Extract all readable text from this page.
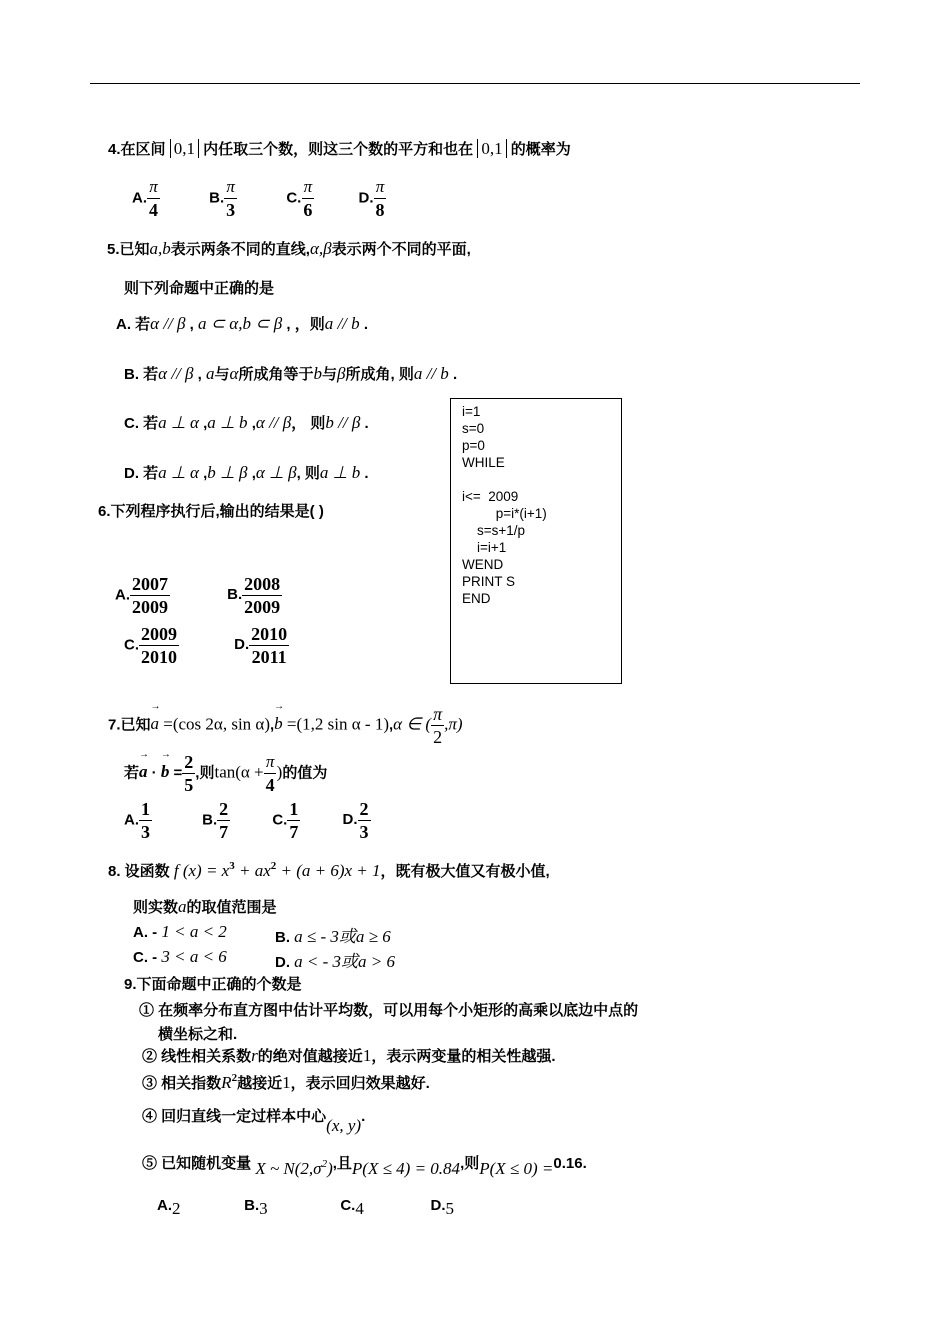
4.在区间 0,1 内任取三个数，则这三个数的平方和也在 0,1 的概率为
A. $\frac{\pi}{4}$	B. $\frac{\pi}{3}$	C. $\frac{\pi}{6}$	D. $\frac{\pi}{8}$
5.已知a,b表示两条不同的直线,α,β表示两个不同的平面,
则下列命题中正确的是
A. 若α // β , a ⊂ α,b ⊂ β , ，则a // b .
B. 若α // β , a与α所成角等于b与β所成角, 则a // b .
C. 若a ⊥ α ,a ⊥ b ,α // β， 则b // β .
D. 若a ⊥ α ,b ⊥ β ,α ⊥ β, 则a ⊥ b .
i=1
s=0
p=0
WHILE
i<=  2009
p=i*(i+1)
s=s+1/p
i=i+1
WEND
PRINT S
END
6.下列程序执行后,输出的结果是( )
A. $\frac{2007}{2009}$	B. $\frac{2008}{2009}$
C. $\frac{2009}{2010}$	D. $\frac{2010}{2011}$
7.已知→ a =(cos 2α, sin α),→ b =(1,2 sin α - 1),α ∈ ( $\frac{\pi}{2} ,\pi$)
若→ a · → $b = \frac{2}{5}$ ,则$\tan(\alpha + \frac{\pi}{4}$ )的值为
A. $\frac{1}{3}$	B. $\frac{2}{7}$	C. $\frac{1}{7}$	D. $\frac{2}{3}$
8. 设函数 f $(x) = x^3 + ax^2 + (a + 6)x + 1$，既有极大值又有极小值,
则实数a的取值范围是
A. - 1 < a < 2	B. a ≤ - 3或a ≥ 6
C. - 3 < a < 6	D. a < - 3或a > 6
9.下面命题中正确的个数是
① 在频率分布直方图中估计平均数，可以用每个小矩形的高乘以底边中点的
横坐标之和.
② 线性相关系数r的绝对值越接近1，表示两变量的相关性越强.
③ 相关指数$R^2$越接近1，表示回归效果越好.
④ 回归直线一定过样本中心(x, y).
⑤ 已知随机变量 X ~ $N(2,\sigma^2)$,且P(X ≤ 4) = 0.84,则P(X ≤ 0) =0.16.
A.2	B.3	C.4	D.5
